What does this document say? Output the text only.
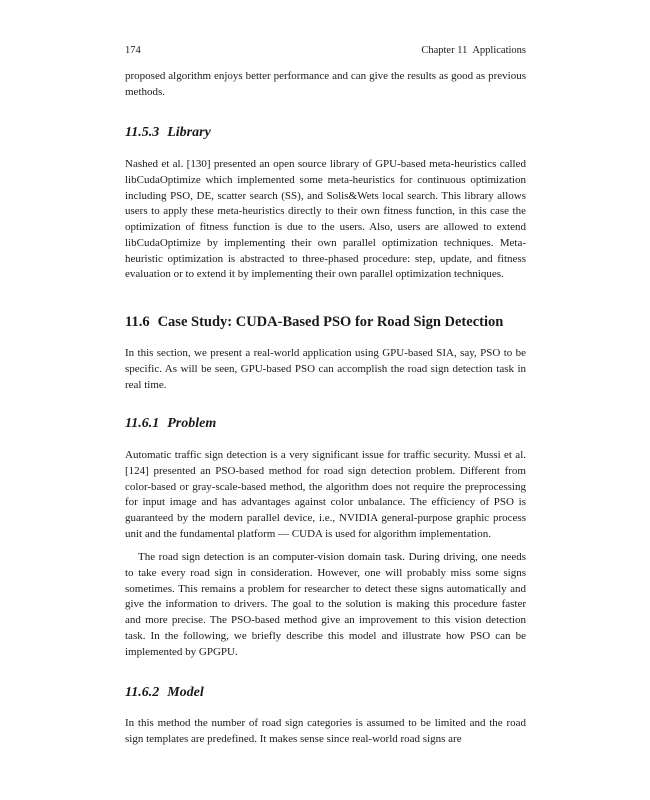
174	Chapter 11 Applications

proposed algorithm enjoys better performance and can give the results as good as previous methods.

11.5.3 Library

Nashed et al. [130] presented an open source library of GPU-based meta-heuristics called libCudaOptimize which implemented some meta-heuristics for continuous optimization including PSO, DE, scatter search (SS), and Solis&Wets local search. This library allows users to apply these meta-heuristics directly to their own fitness function, in this case the optimization of fitness function is due to the users. Also, users are allowed to extend libCudaOptimize by implementing their own parallel optimization techniques. Meta-heuristic optimization is abstracted to three-phased procedure: step, update, and fitness evaluation or to extend it by implementing their own parallel optimization techniques.

11.6 Case Study: CUDA-Based PSO for Road Sign Detection

In this section, we present a real-world application using GPU-based SIA, say, PSO to be specific. As will be seen, GPU-based PSO can accomplish the road sign detection task in real time.

11.6.1 Problem

Automatic traffic sign detection is a very significant issue for traffic security. Mussi et al. [124] presented an PSO-based method for road sign detection problem. Different from color-based or gray-scale-based method, the algorithm does not require the preprocessing for input image and has advantages against color unbalance. The efficiency of PSO is guaranteed by the modern parallel device, i.e., NVIDIA general-purpose graphic process unit and the fundamental platform — CUDA is used for algorithm implementation.

The road sign detection is an computer-vision domain task. During driving, one needs to take every road sign in consideration. However, one will probably miss some signs sometimes. This remains a problem for researcher to detect these signs automatically and give the information to drivers. The goal to the solution is making this procedure faster and more precise. The PSO-based method give an improvement to this vision detection task. In the following, we briefly describe this model and illustrate how PSO can be implemented by GPGPU.

11.6.2 Model

In this method the number of road sign categories is assumed to be limited and the road sign templates are predefined. It makes sense since real-world road signs are
